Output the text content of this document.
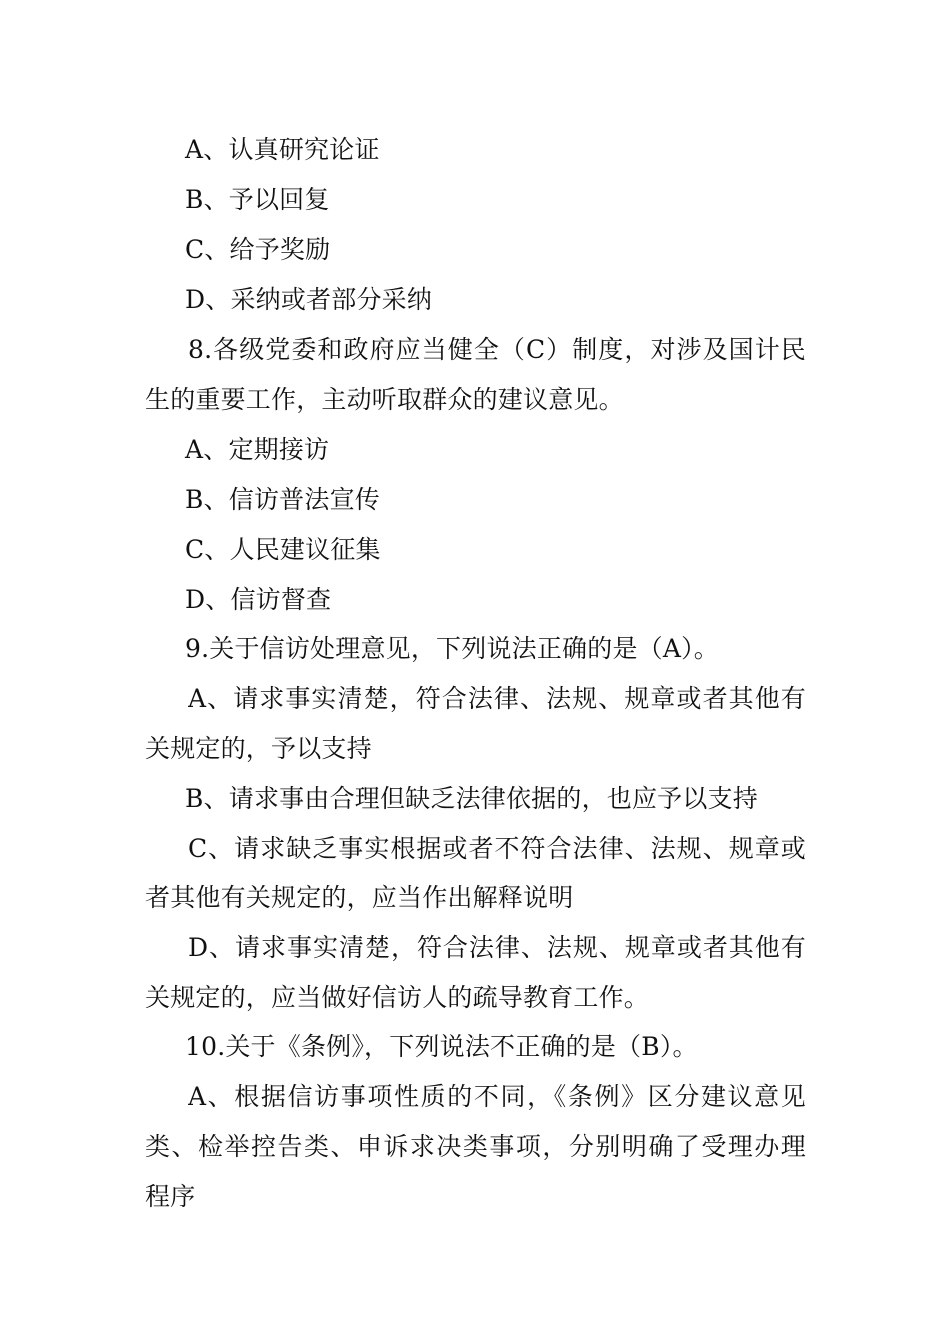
A、认真研究论证
B、予以回复
C、给予奖励
D、采纳或者部分采纳
8.各级党委和政府应当健全（C）制度，对涉及国计民
生的重要工作，主动听取群众的建议意见。
A、定期接访
B、信访普法宣传
C、人民建议征集
D、信访督查
9.关于信访处理意见，下列说法正确的是（A）。
A、请求事实清楚，符合法律、法规、规章或者其他有
关规定的，予以支持
B、请求事由合理但缺乏法律依据的，也应予以支持
C、请求缺乏事实根据或者不符合法律、法规、规章或
者其他有关规定的，应当作出解释说明
D、请求事实清楚，符合法律、法规、规章或者其他有
关规定的，应当做好信访人的疏导教育工作。
10.关于《条例》，下列说法不正确的是（B）。
A、根据信访事项性质的不同，《条例》区分建议意见
类、检举控告类、申诉求决类事项，分别明确了受理办理
程序
